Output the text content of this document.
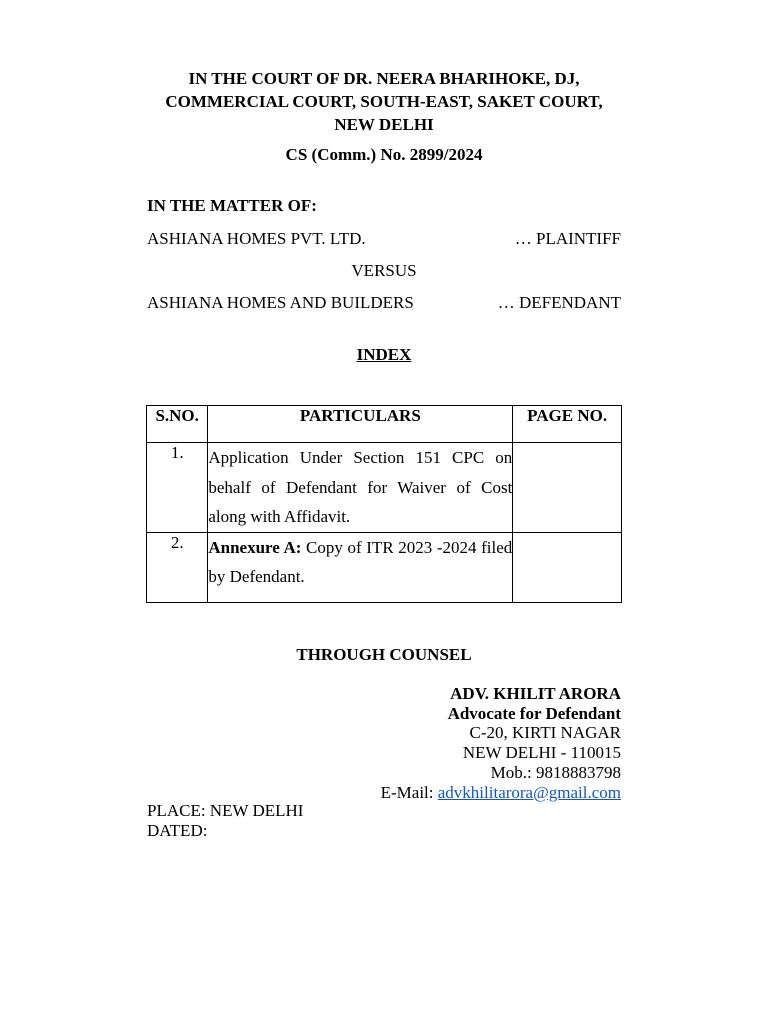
IN THE COURT OF DR. NEERA BHARIHOKE, DJ,
COMMERCIAL COURT, SOUTH-EAST, SAKET COURT,
NEW DELHI
CS (Comm.) No. 2899/2024
IN THE MATTER OF:
ASHIANA HOMES PVT. LTD.	… PLAINTIFF
VERSUS
ASHIANA HOMES AND BUILDERS	… DEFENDANT
INDEX
S.NO.	PARTICULARS	PAGE NO.

1.	Application Under Section 151 CPC on behalf of Defendant for Waiver of Cost along with Affidavit.	
2.	Annexure A: Copy of ITR 2023 -2024 filed by Defendant.	
THROUGH COUNSEL
ADV. KHILIT ARORA
Advocate for Defendant
C-20, KIRTI NAGAR
NEW DELHI - 110015
Mob.: 9818883798
E-Mail: advkhilitarora@gmail.com
PLACE: NEW DELHI
DATED:
